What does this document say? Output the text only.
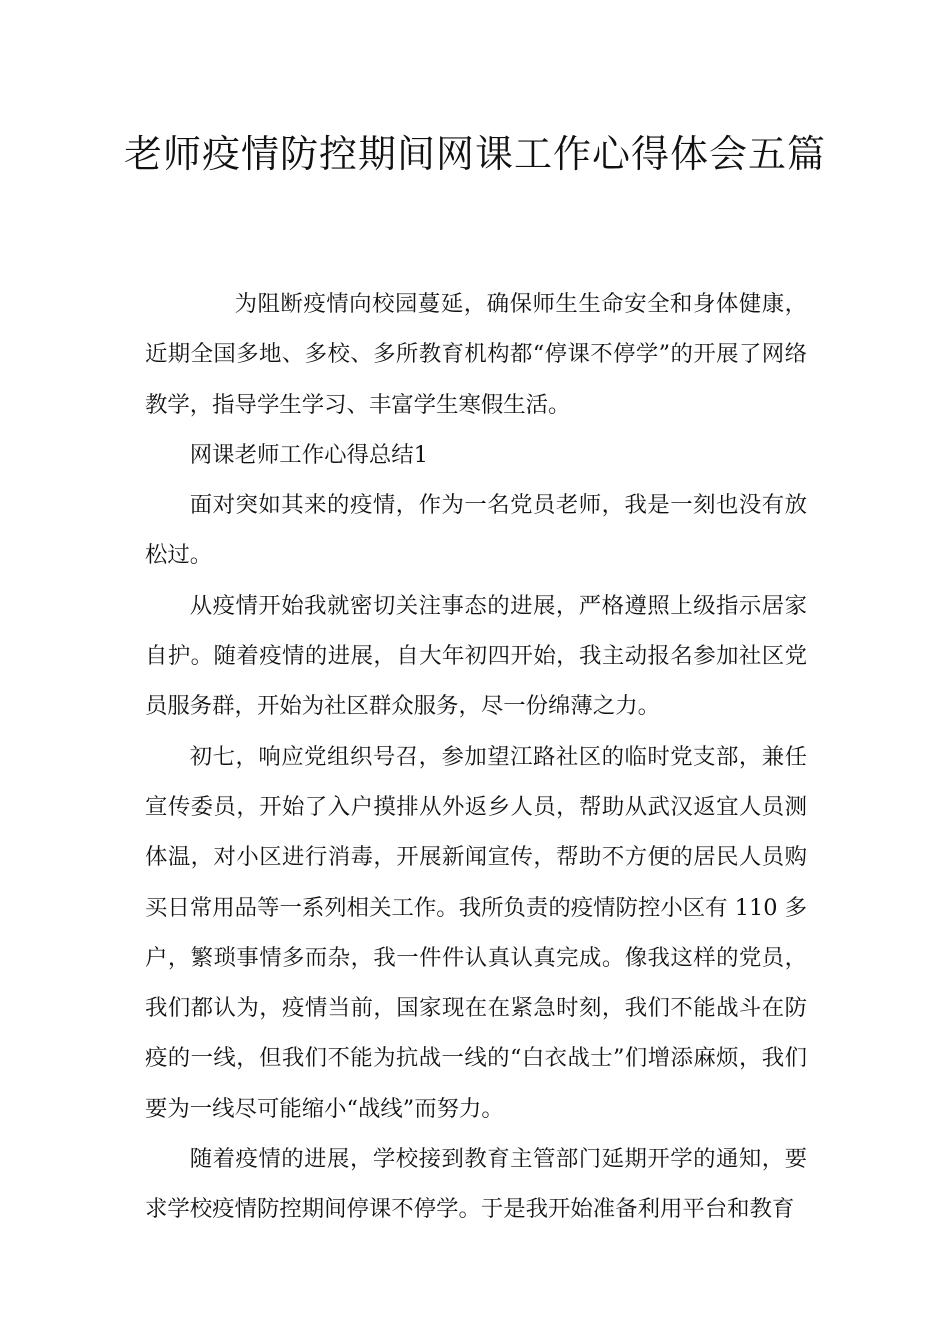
老师疫情防控期间网课工作心得体会五篇

为阻断疫情向校园蔓延，确保师生生命安全和身体健康，近期全国多地、多校、多所教育机构都“停课不停学”的开展了网络教学，指导学生学习、丰富学生寒假生活。

网课老师工作心得总结1

面对突如其来的疫情，作为一名党员老师，我是一刻也没有放松过。

从疫情开始我就密切关注事态的进展，严格遵照上级指示居家自护。随着疫情的进展，自大年初四开始，我主动报名参加社区党员服务群，开始为社区群众服务，尽一份绵薄之力。

初七，响应党组织号召，参加望江路社区的临时党支部，兼任宣传委员，开始了入户摸排从外返乡人员，帮助从武汉返宜人员测体温，对小区进行消毒，开展新闻宣传，帮助不方便的居民人员购买日常用品等一系列相关工作。我所负责的疫情防控小区有 110 多户，繁琐事情多而杂，我一件件认真认真完成。像我这样的党员，我们都认为，疫情当前，国家现在在紧急时刻，我们不能战斗在防疫的一线，但我们不能为抗战一线的“白衣战士”们增添麻烦，我们要为一线尽可能缩小“战线”而努力。

随着疫情的进展，学校接到教育主管部门延期开学的通知，要求学校疫情防控期间停课不停学。于是我开始准备利用平台和教育
